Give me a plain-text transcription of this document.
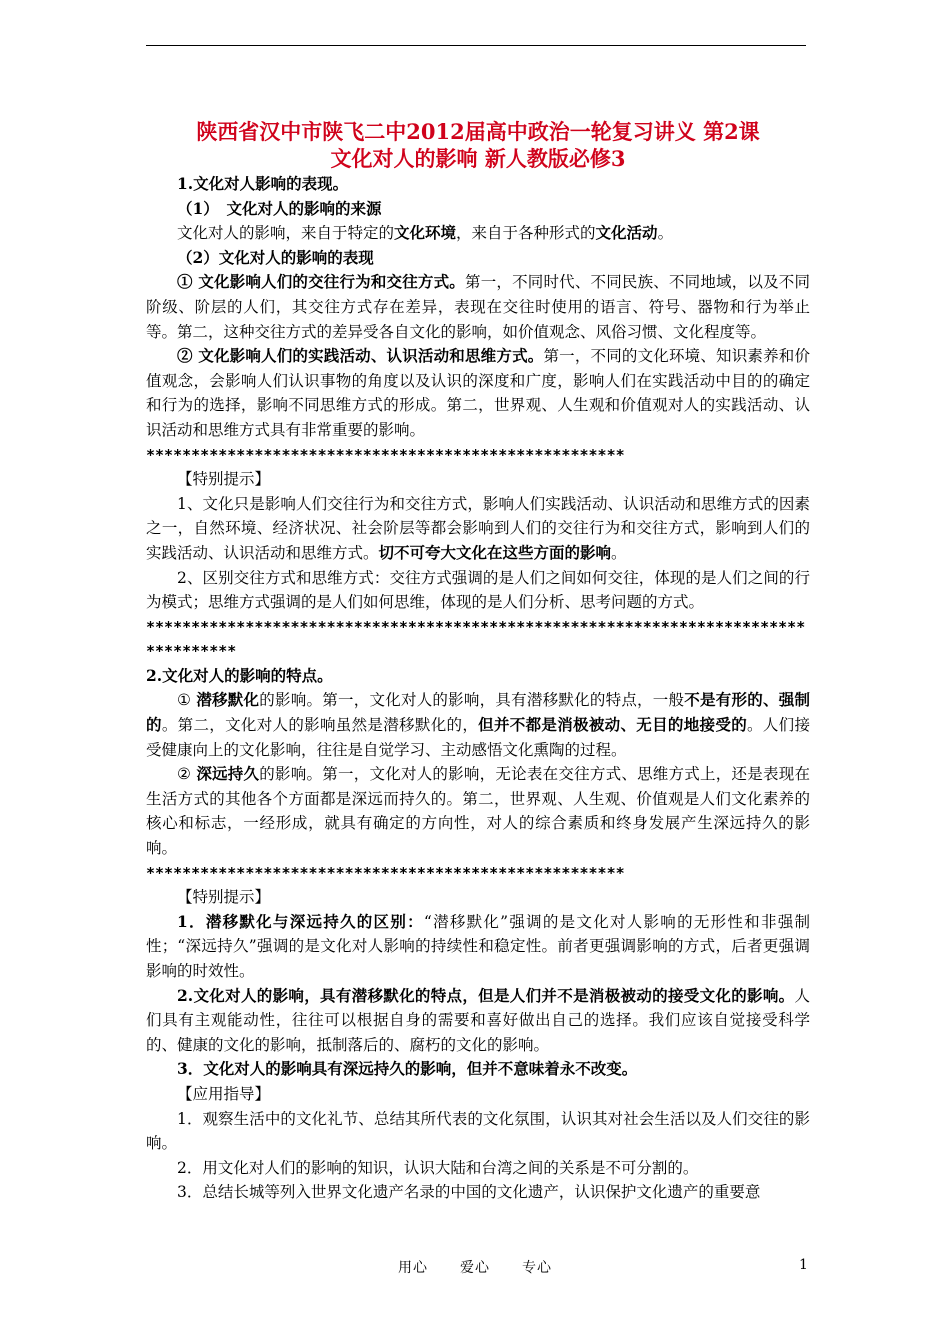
陕西省汉中市陕飞二中2012届高中政治一轮复习讲义 第2课

文化对人的影响 新人教版必修3

1.文化对人影响的表现。

（1）　文化对人的影响的来源

文化对人的影响，来自于特定的文化环境，来自于各种形式的文化活动。

（2）文化对人的影响的表现

① 文化影响人们的交往行为和交往方式。第一，不同时代、不同民族、不同地域，以及不同阶级、阶层的人们，其交往方式存在差异，表现在交往时使用的语言、符号、器物和行为举止等。第二，这种交往方式的差异受各自文化的影响，如价值观念、风俗习惯、文化程度等。

② 文化影响人们的实践活动、认识活动和思维方式。第一，不同的文化环境、知识素养和价值观念，会影响人们认识事物的角度以及认识的深度和广度，影响人们在实践活动中目的的确定和行为的选择，影响不同思维方式的形成。第二，世界观、人生观和价值观对人的实践活动、认识活动和思维方式具有非常重要的影响。

*****************************************************

【特别提示】

1、文化只是影响人们交往行为和交往方式，影响人们实践活动、认识活动和思维方式的因素之一，自然环境、经济状况、社会阶层等都会影响到人们的交往行为和交往方式，影响到人们的实践活动、认识活动和思维方式。切不可夸大文化在这些方面的影响。

2、区别交往方式和思维方式：交往方式强调的是人们之间如何交往，体现的是人们之间的行为模式；思维方式强调的是人们如何思维，体现的是人们分析、思考问题的方式。

***********************************************************************************

2.文化对人的影响的特点。

① 潜移默化的影响。第一，文化对人的影响，具有潜移默化的特点，一般不是有形的、强制的。第二，文化对人的影响虽然是潜移默化的，但并不都是消极被动、无目的地接受的。人们接受健康向上的文化影响，往往是自觉学习、主动感悟文化熏陶的过程。

② 深远持久的影响。第一，文化对人的影响，无论表在交往方式、思维方式上，还是表现在生活方式的其他各个方面都是深远而持久的。第二，世界观、人生观、价值观是人们文化素养的核心和标志，一经形成，就具有确定的方向性，对人的综合素质和终身发展产生深远持久的影响。

*****************************************************

【特别提示】

1．潜移默化与深远持久的区别：“潜移默化”强调的是文化对人影响的无形性和非强制性；“深远持久”强调的是文化对人影响的持续性和稳定性。前者更强调影响的方式，后者更强调影响的时效性。

2.文化对人的影响，具有潜移默化的特点，但是人们并不是消极被动的接受文化的影响。人们具有主观能动性，往往可以根据自身的需要和喜好做出自己的选择。我们应该自觉接受科学的、健康的文化的影响，抵制落后的、腐朽的文化的影响。

3．文化对人的影响具有深远持久的影响，但并不意味着永不改变。

【应用指导】

1．观察生活中的文化礼节、总结其所代表的文化氛围，认识其对社会生活以及人们交往的影响。

2．用文化对人们的影响的知识，认识大陆和台湾之间的关系是不可分割的。

3．总结长城等列入世界文化遗产名录的中国的文化遗产，认识保护文化遗产的重要意

用心 爱心 专心	1
